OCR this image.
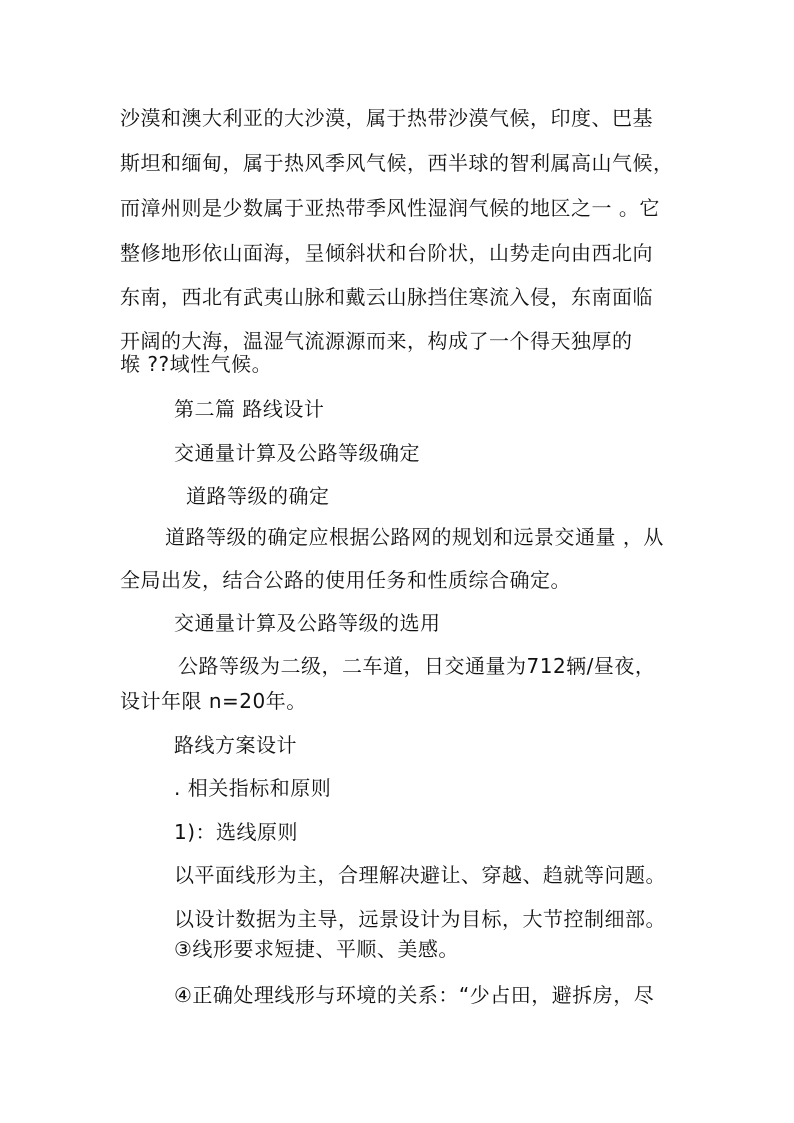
沙漠和澳大利亚的大沙漠，属于热带沙漠气候，印度、巴基
斯坦和缅甸，属于热风季风气候，西半球的智利属高山气候，
而漳州则是少数属于亚热带季风性湿润气候的地区之一 。它
整修地形依山面海，呈倾斜状和台阶状，山势走向由西北向
东南，西北有武夷山脉和戴云山脉挡住寒流入侵，东南面临
开阔的大海，温湿气流源源而来，构成了一个得天独厚的
堠 ??域性气候。
第二篇 路线设计
交通量计算及公路等级确定
道路等级的确定
道路等级的确定应根据公路网的规划和远景交通量 ，从
全局出发，结合公路的使用任务和性质综合确定。
交通量计算及公路等级的选用
公路等级为二级，二车道，日交通量为712辆/昼夜，
设计年限 n=20年。
路线方案设计
. 相关指标和原则
1)：选线原则
以平面线形为主，合理解决避让、穿越、趋就等问题。
以设计数据为主导，远景设计为目标，大节控制细部。
③线形要求短捷、平顺、美感。
④正确处理线形与环境的关系：“少占田，避拆房，尽
